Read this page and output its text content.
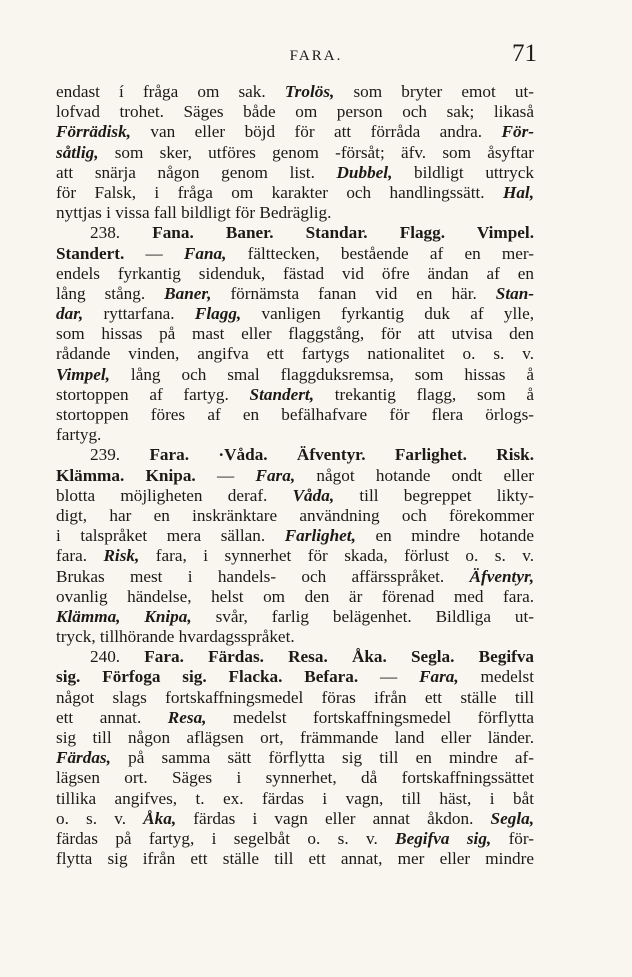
FARA.	71
endast í fråga om sak. Trolös, som bryter emot ut-
lofvad trohet. Säges både om person och sak; likaså
Förrädisk, van eller böjd för att förråda andra. För-
såtlig, som sker, utföres genom -försåt; äfv. som åsyftar
att snärja någon genom list. Dubbel, bildligt uttryck
för Falsk, i fråga om karakter och handlingssätt. Hal,
nyttjas i vissa fall bildligt för Bedräglig.
238. Fana. Baner. Standar. Flagg. Vimpel.
Standert. — Fana, fälttecken, bestående af en mer-
endels fyrkantig sidenduk, fästad vid öfre ändan af en
lång stång. Baner, förnämsta fanan vid en här. Stan-
dar, ryttarfana. Flagg, vanligen fyrkantig duk af ylle,
som hissas på mast eller flaggstång, för att utvisa den
rådande vinden, angifva ett fartygs nationalitet o. s. v.
Vimpel, lång och smal flaggduksremsa, som hissas å
stortoppen af fartyg. Standert, trekantig flagg, som å
stortoppen föres af en befälhafvare för flera örlogs-
fartyg.
239. Fara. ·Våda. Äfventyr. Farlighet. Risk.
Klämma. Knipa. — Fara, något hotande ondt eller
blotta möjligheten deraf. Våda, till begreppet likty-
digt, har en inskränktare användning och förekommer
i talspråket mera sällan. Farlighet, en mindre hotande
fara. Risk, fara, i synnerhet för skada, förlust o. s. v.
Brukas mest i handels- och affärsspråket. Äfventyr,
ovanlig händelse, helst om den är förenad med fara.
Klämma, Knipa, svår, farlig belägenhet. Bildliga ut-
tryck, tillhörande hvardagsspråket.
240. Fara. Färdas. Resa. Åka. Segla. Begifva
sig. Förfoga sig. Flacka. Befara. — Fara, medelst
något slags fortskaffningsmedel föras ifrån ett ställe till
ett annat. Resa, medelst fortskaffningsmedel förflytta
sig till någon aflägsen ort, främmande land eller länder.
Färdas, på samma sätt förflytta sig till en mindre af-
lägsen ort. Säges i synnerhet, då fortskaffningssättet
tillika angifves, t. ex. färdas i vagn, till häst, i båt
o. s. v. Åka, färdas i vagn eller annat åkdon. Segla,
färdas på fartyg, i segelbåt o. s. v. Begifva sig, för-
flytta sig ifrån ett ställe till ett annat, mer eller mindre
